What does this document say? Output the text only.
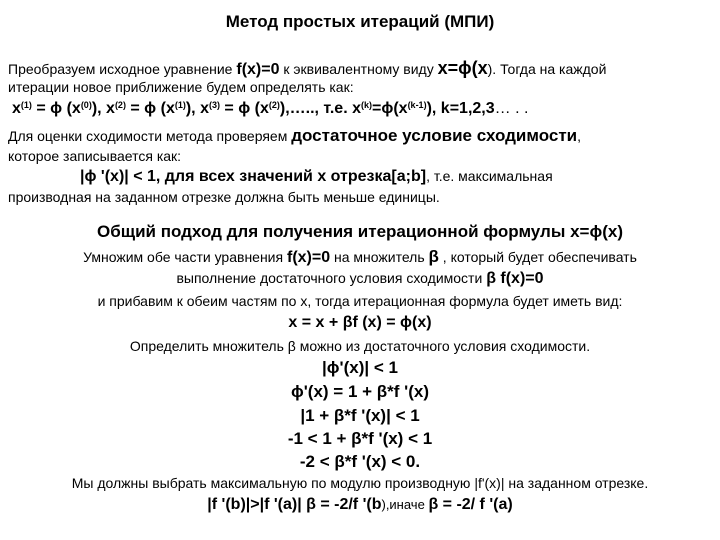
Метод простых итераций (МПИ)
Преобразуем исходное уравнение f(x)=0 к эквивалентному виду x=ϕ(x). Тогда на каждой
итерации новое приближение будем определять как:
$x^{(1)} = \phi$ $(x^{(0)})$, $x^{(2)} = \phi$ $(x^{(1)})$, $x^{(3)} = \phi$ $(x^{(2)}),\dots$.., т.е. $x^{(k)}=\phi(x^{(k-1)})$, k=1,2,3… . .
Для оценки сходимости метода проверяем достаточное условие сходимости,
которое записывается как:
|ϕ '(x)| < 1, для всех значений x отрезка[a;b], т.е. максимальная
производная на заданном отрезке должна быть меньше единицы.
Общий подход для получения итерационной формулы x=ϕ(x)
Умножим обе части уравнения f(x)=0 на множитель β , который будет обеспечивать
выполнение достаточного условия сходимости β f(x)=0
и прибавим к обеим частям по x, тогда итерационная формула будет иметь вид:
x = x + βf (x) = ϕ(x)
Определить множитель β можно из достаточного условия сходимости.
|ϕ'(x)| < 1
ϕ'(x) = 1 + β*f '(x)
|1 + β*f '(x)| < 1
-1 < 1 + β*f '(x) < 1
-2 < β*f '(x) < 0.
Мы должны выбрать максимальную по модулю производную |f'(x)| на заданном отрезке.
|f '(b)|>|f '(a)| β = -2/f '(b),иначе β = -2/ f '(a)
